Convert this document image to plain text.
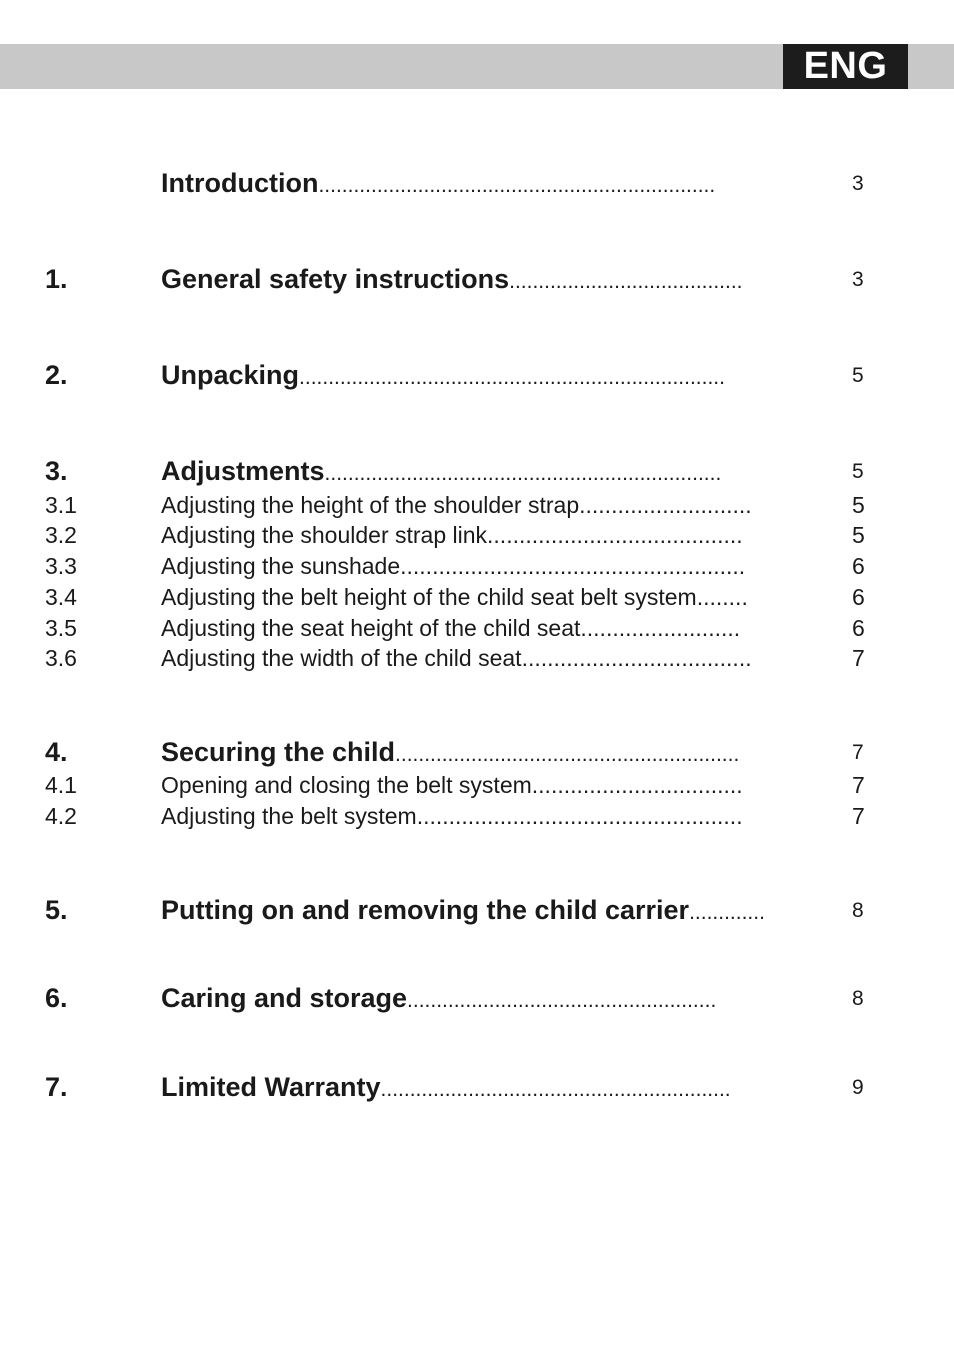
ENG
Introduction....................................................................	3
1.	General safety instructions........................................	3
2.	Unpacking.........................................................................	5
3.	Adjustments....................................................................	5
3.1	Adjusting the height of the shoulder strap...........................	5
3.2	Adjusting the shoulder strap link........................................	5
3.3	Adjusting the sunshade......................................................	6
3.4	Adjusting the belt height of the child seat belt system........	6
3.5	Adjusting the seat height of the child seat.........................	6
3.6	Adjusting the width of the child seat....................................	7
4.	Securing the child...........................................................	7
4.1	Opening and closing the belt system.................................	7
4.2	Adjusting the belt system...................................................	7
5.	Putting on and removing the child carrier.............	8
6.	Caring and storage.....................................................	8
7.	Limited Warranty............................................................	9
